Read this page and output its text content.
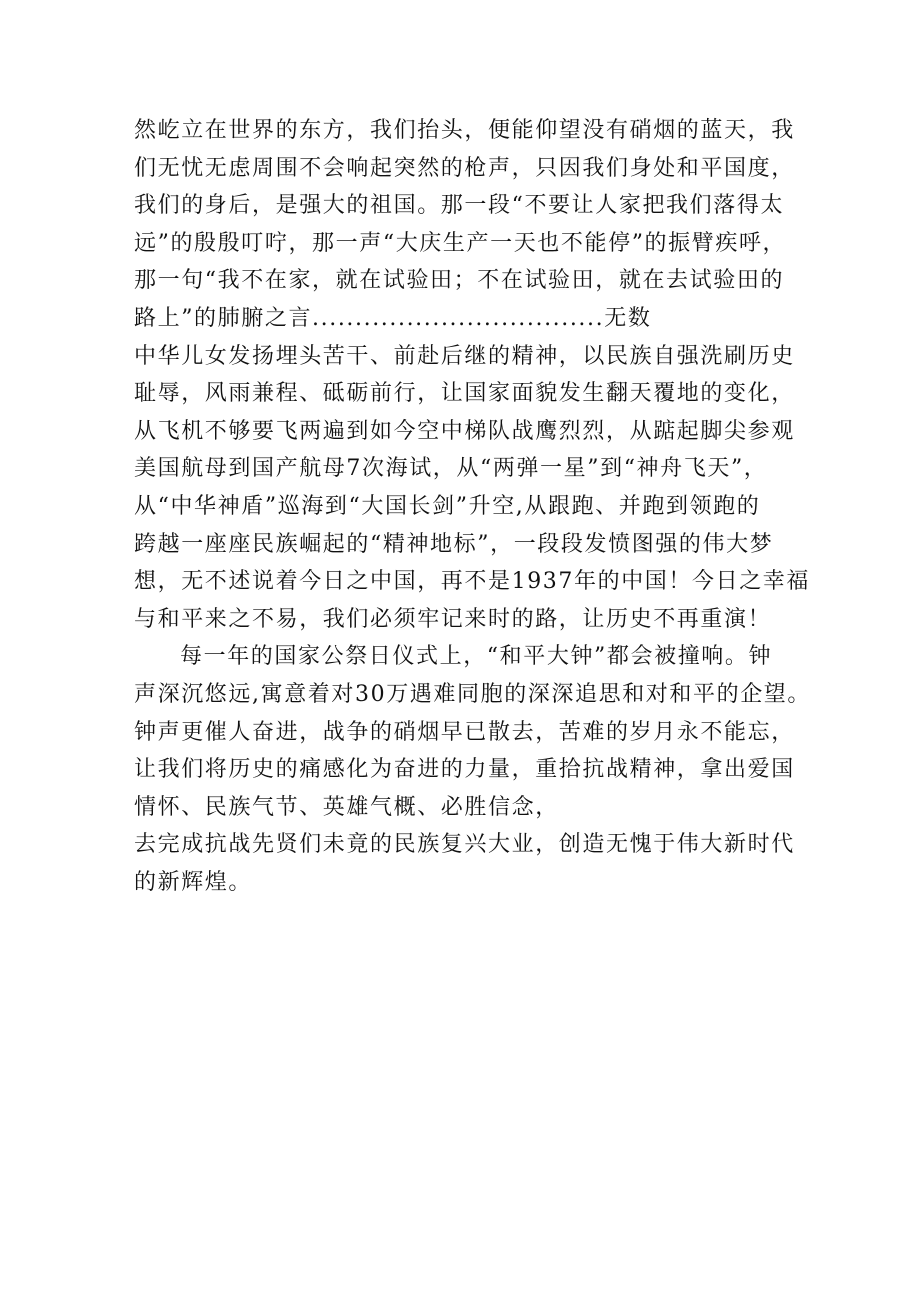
然屹立在世界的东方，我们抬头，便能仰望没有硝烟的蓝天，我
们无忧无虑周围不会响起突然的枪声，只因我们身处和平国度，
我们的身后，是强大的祖国。那一段“不要让人家把我们落得太
远”的殷殷叮咛，那一声“大庆生产一天也不能停”的振臂疾呼，
那一句“我不在家，就在试验田；不在试验田，就在去试验田的
路上”的肺腑之言..................................无数
中华儿女发扬埋头苦干、前赴后继的精神，以民族自强洗刷历史
耻辱，风雨兼程、砥砺前行，让国家面貌发生翻天覆地的变化，
从飞机不够要飞两遍到如今空中梯队战鹰烈烈，从踮起脚尖参观
美国航母到国产航母7次海试，从“两弹一星”到“神舟飞天”，
从“中华神盾”巡海到“大国长剑”升空,从跟跑、并跑到领跑的
跨越一座座民族崛起的“精神地标”，一段段发愤图强的伟大梦
想，无不述说着今日之中国，再不是1937年的中国！今日之幸福
与和平来之不易，我们必须牢记来时的路，让历史不再重演！
每一年的国家公祭日仪式上，“和平大钟”都会被撞响。钟
声深沉悠远,寓意着对30万遇难同胞的深深追思和对和平的企望。
钟声更催人奋进，战争的硝烟早已散去，苦难的岁月永不能忘，
让我们将历史的痛感化为奋进的力量，重拾抗战精神，拿出爱国
情怀、民族气节、英雄气概、必胜信念，
去完成抗战先贤们未竟的民族复兴大业，创造无愧于伟大新时代
的新辉煌。
